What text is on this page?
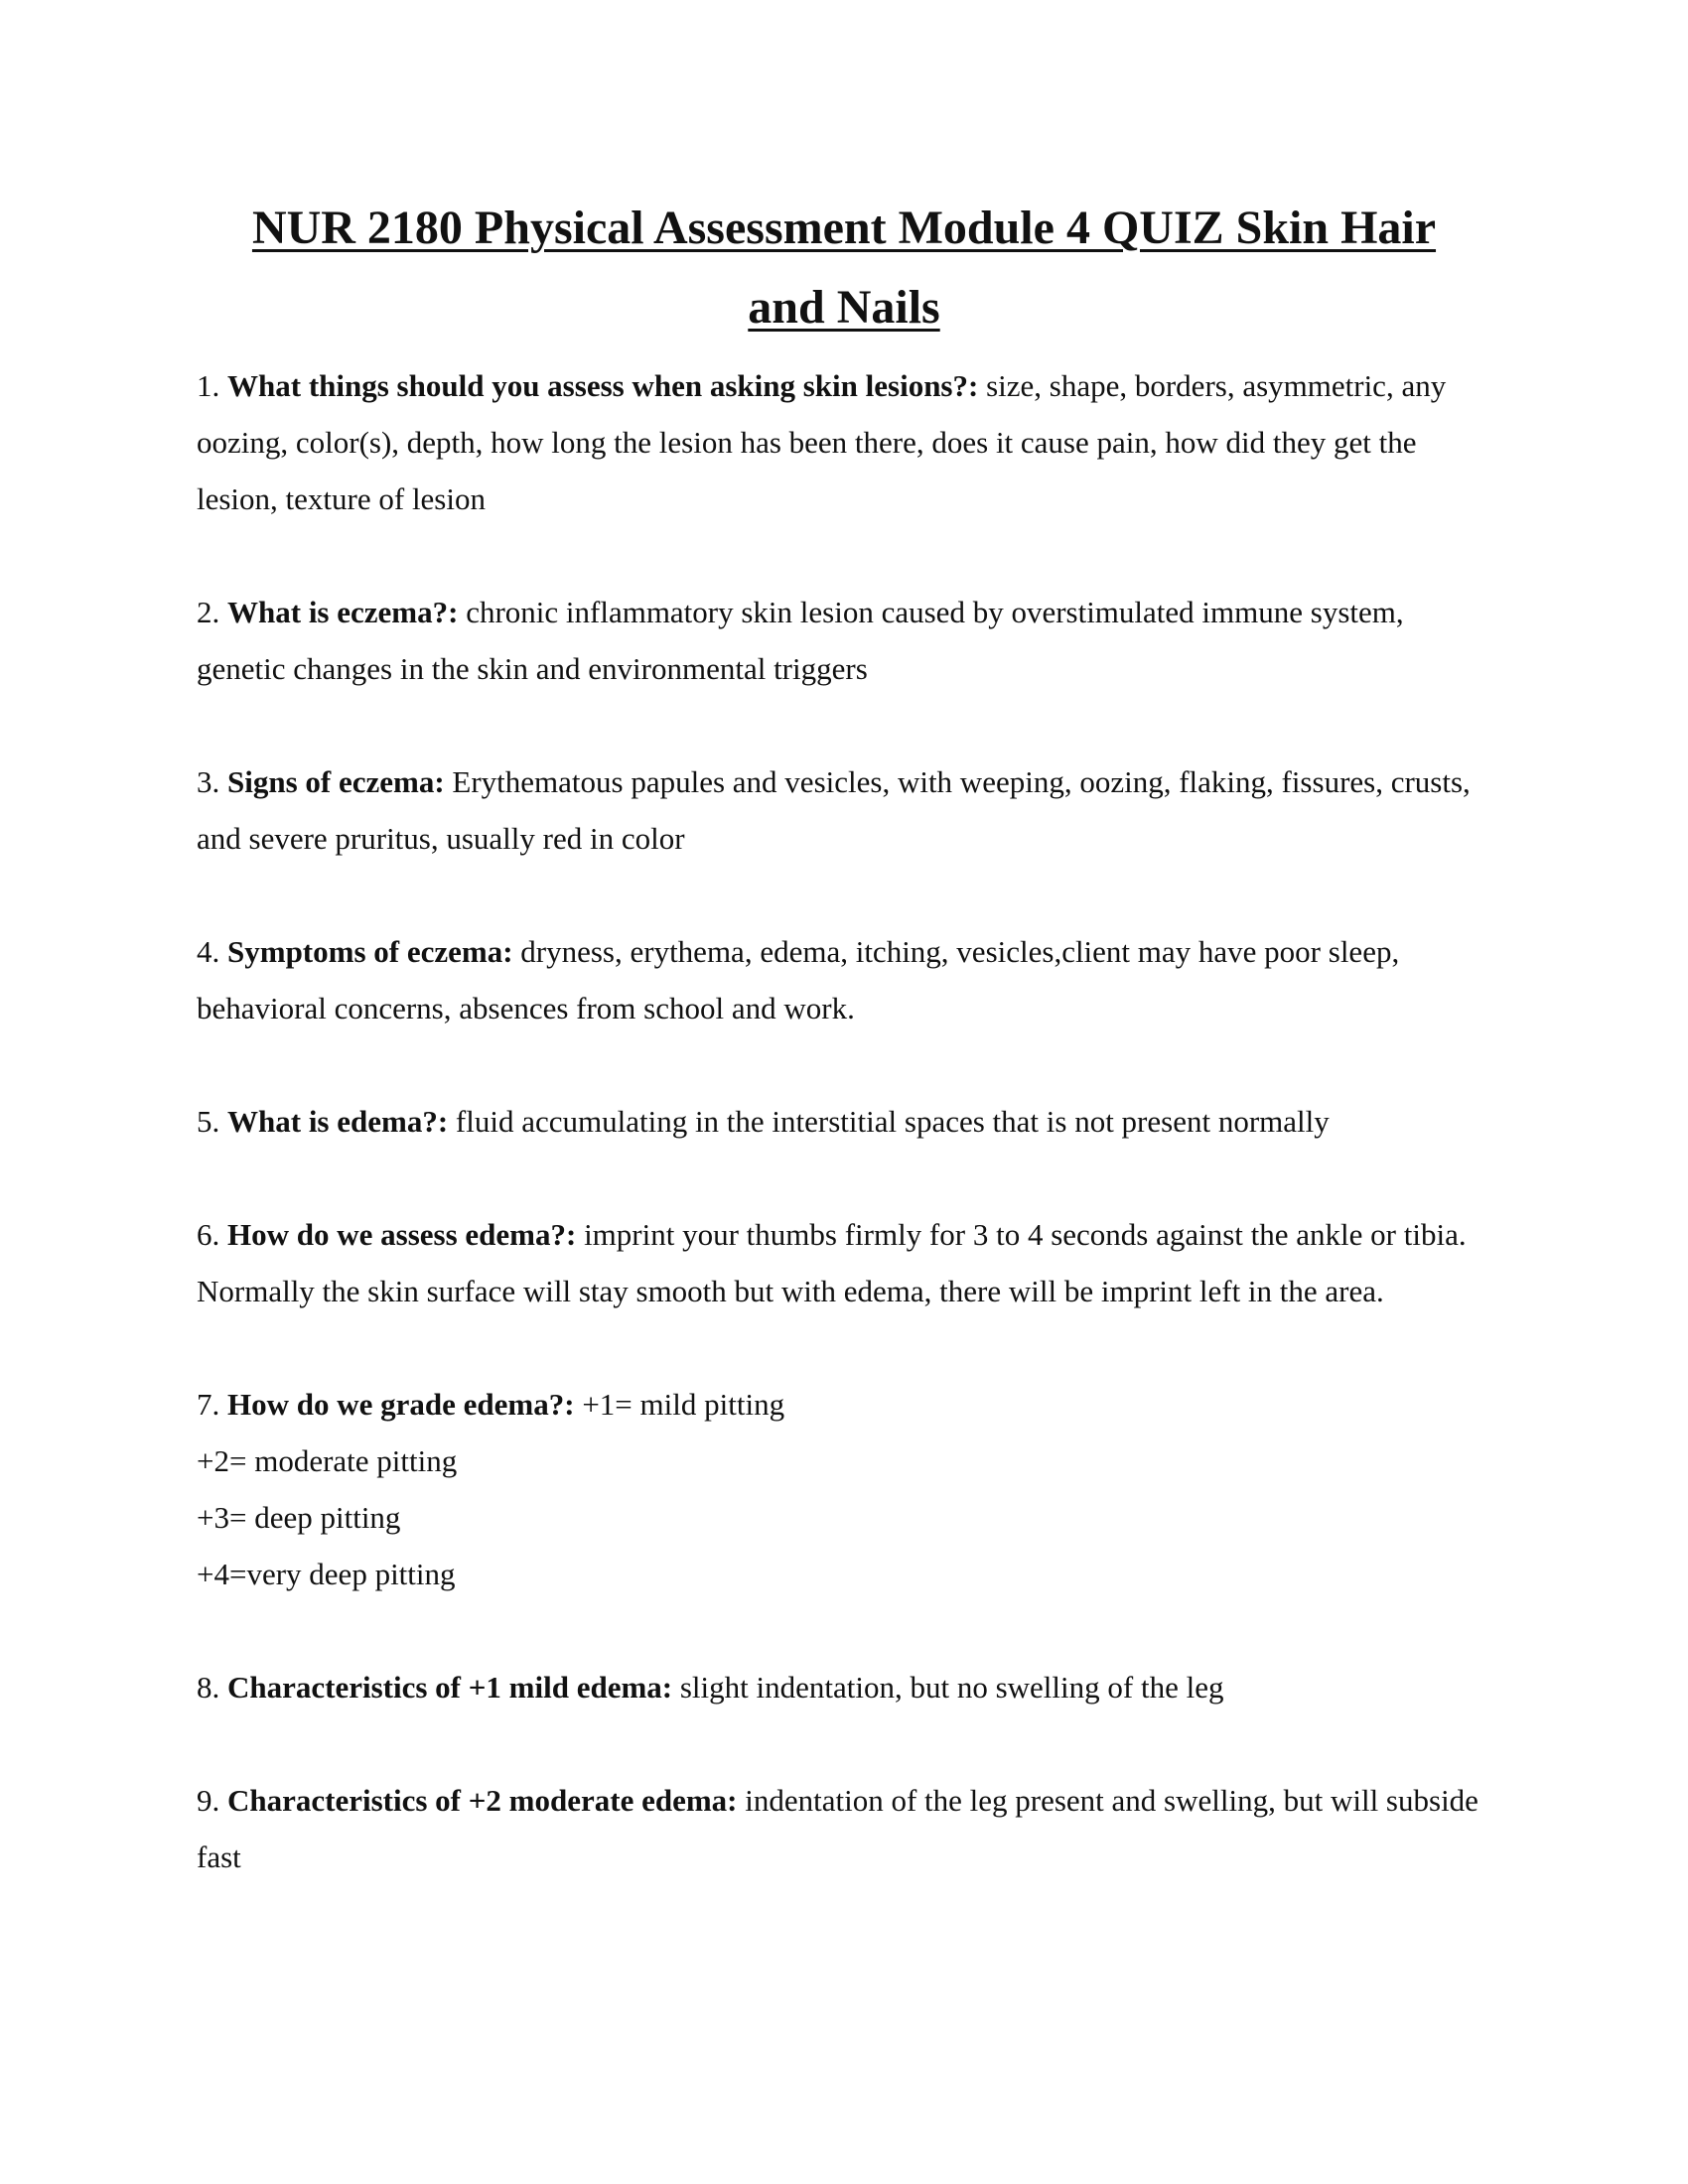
NUR 2180 Physical Assessment Module 4 QUIZ Skin Hair
and Nails

1. What things should you assess when asking skin lesions?: size, shape, borders, asymmetric, any oozing, color(s), depth, how long the lesion has been there, does it cause pain, how did they get the lesion, texture of lesion

2. What is eczema?: chronic inflammatory skin lesion caused by overstimulated immune system, genetic changes in the skin and environmental triggers

3. Signs of eczema: Erythematous papules and vesicles, with weeping, oozing, flaking, fissures, crusts, and severe pruritus, usually red in color

4. Symptoms of eczema: dryness, erythema, edema, itching, vesicles,client may have poor sleep, behavioral concerns, absences from school and work.

5. What is edema?: fluid accumulating in the interstitial spaces that is not present normally

6. How do we assess edema?: imprint your thumbs firmly for 3 to 4 seconds against the ankle or tibia. Normally the skin surface will stay smooth but with edema, there will be imprint left in the area.

7. How do we grade edema?: +1= mild pitting
+2= moderate pitting
+3= deep pitting
+4=very deep pitting

8. Characteristics of +1 mild edema: slight indentation, but no swelling of the leg

9. Characteristics of +2 moderate edema: indentation of the leg present and swelling, but will subside fast
